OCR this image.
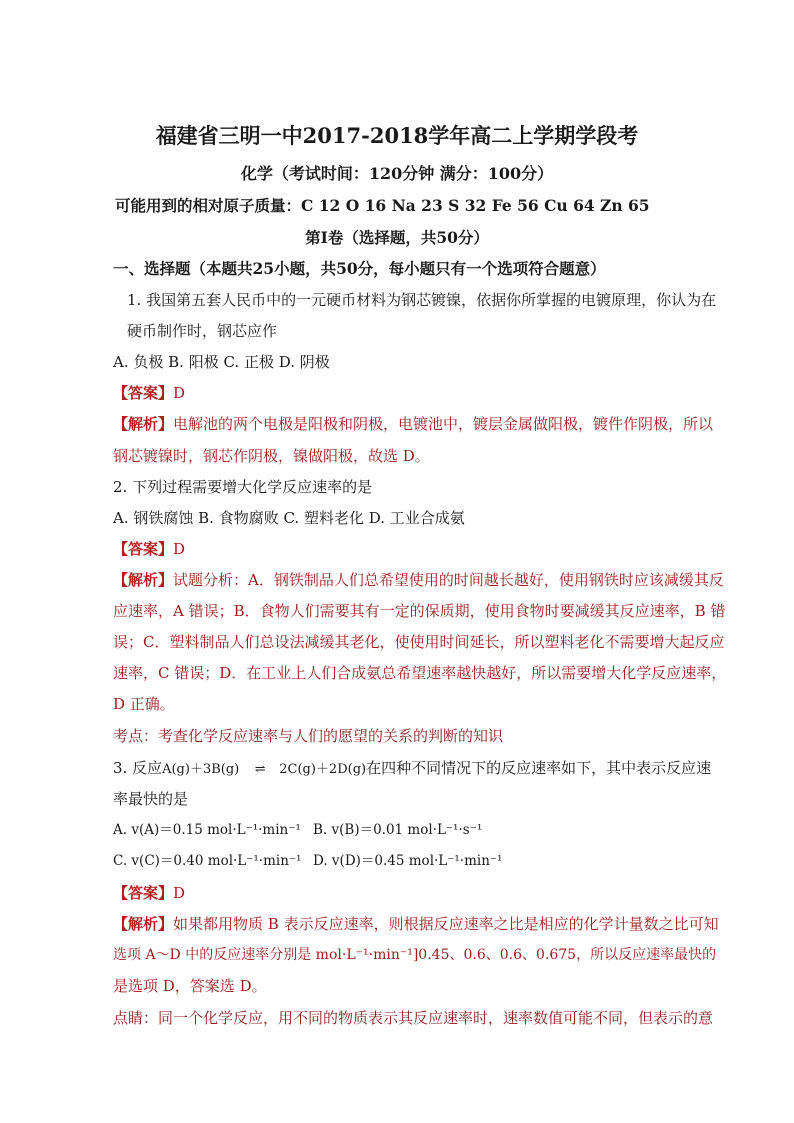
福建省三明一中2017-2018学年高二上学期学段考
化学（考试时间：120分钟 满分：100分）
可能用到的相对原子质量：C 12 O 16 Na 23 S 32 Fe 56 Cu 64 Zn 65
第Ⅰ卷（选择题，共50分）
一、选择题（本题共25小题，共50分，每小题只有一个选项符合题意）
1. 我国第五套人民币中的一元硬币材料为钢芯镀镍，依据你所掌握的电镀原理，你认为在
硬币制作时，钢芯应作
A. 负极 B. 阳极 C. 正极 D. 阴极
【答案】D
【解析】电解池的两个电极是阳极和阴极，电镀池中，镀层金属做阳极，镀件作阴极，所以
钢芯镀镍时，钢芯作阴极，镍做阳极，故选 D。
2. 下列过程需要增大化学反应速率的是
A. 钢铁腐蚀 B. 食物腐败 C. 塑料老化 D. 工业合成氨
【答案】D
【解析】试题分析：A．钢铁制品人们总希望使用的时间越长越好，使用钢铁时应该减缓其反
应速率，A 错误；B．食物人们需要其有一定的保质期，使用食物时要减缓其反应速率，B 错
误；C．塑料制品人们总设法减缓其老化，使使用时间延长，所以塑料老化不需要增大起反应
速率，C 错误；D．在工业上人们合成氨总希望速率越快越好，所以需要增大化学反应速率，
D 正确。
考点：考查化学反应速率与人们的愿望的关系的判断的知识
3. 反应A(g)＋3B(g) ⇌ 2C(g)＋2D(g)在四种不同情况下的反应速率如下，其中表示反应速
率最快的是
A. v(A)＝0.15 mol·L⁻¹·min⁻¹ B. v(B)＝0.01 mol·L⁻¹·s⁻¹
C. v(C)＝0.40 mol·L⁻¹·min⁻¹ D. v(D)＝0.45 mol·L⁻¹·min⁻¹
【答案】D
【解析】如果都用物质 B 表示反应速率，则根据反应速率之比是相应的化学计量数之比可知
选项 A～D 中的反应速率分别是 mol·L⁻¹·min⁻¹]0.45、0.6、0.6、0.675，所以反应速率最快的
是选项 D，答案选 D。
点睛：同一个化学反应，用不同的物质表示其反应速率时，速率数值可能不同，但表示的意
